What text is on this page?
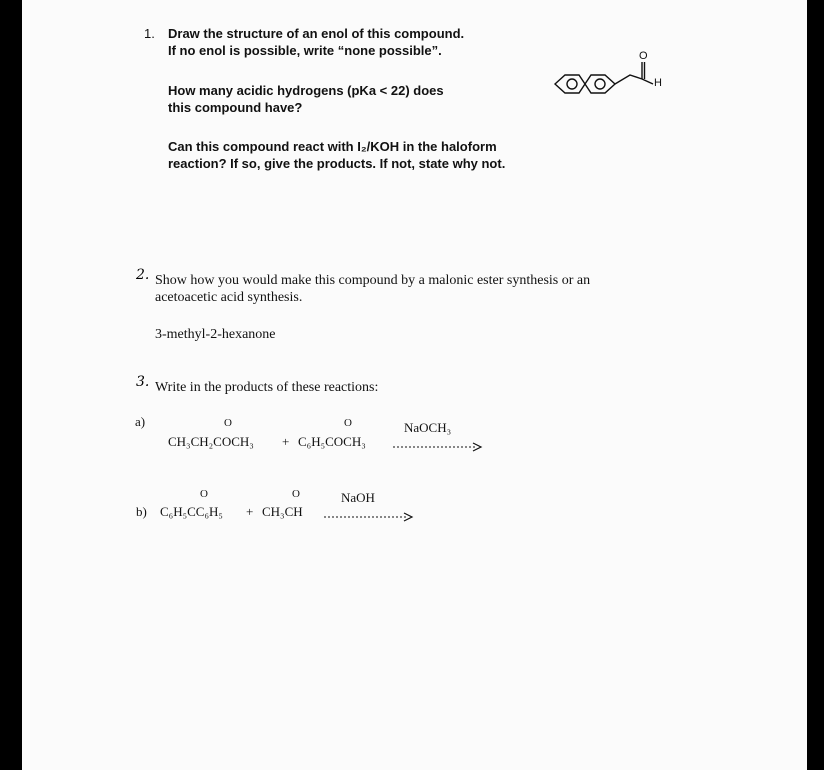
1. Draw the structure of an enol of this compound.
If no enol is possible, write “none possible”.
How many acidic hydrogens (pKa < 22) does
this compound have?
Can this compound react with I₂/KOH in the haloform
reaction? If so, give the products. If not, state why not.
O
H
2. Show how you would make this compound by a malonic ester synthesis or an
acetoacetic acid synthesis.
3-methyl-2-hexanone
3. Write in the products of these reactions:
a)	O
CH₃CH₂COCH₃ +
O
C₆H₅COCH₃
NaOCH₃
b)
O
C₆H₅CC₆H₅ +
O
CH₃CH
NaOH
